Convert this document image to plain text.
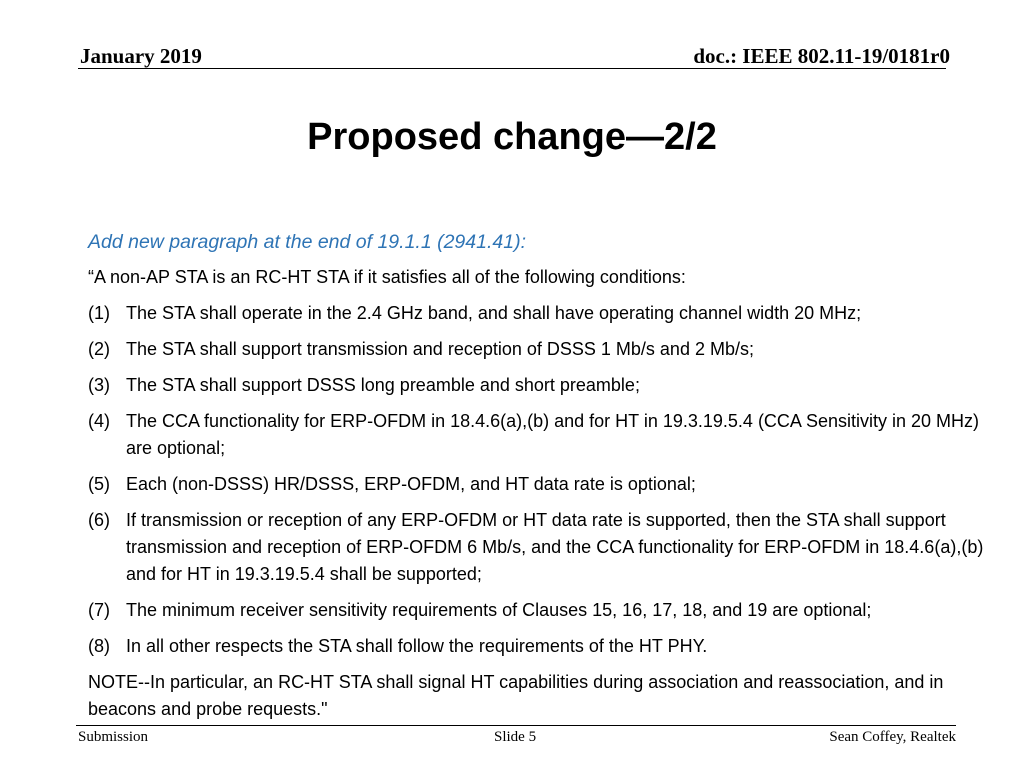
January 2019	doc.: IEEE 802.11-19/0181r0
Proposed change—2/2
Add new paragraph at the end of 19.1.1 (2941.41):
“A non-AP STA is an RC-HT STA if it satisfies all of the following conditions:
(1) The STA shall operate in the 2.4 GHz band, and shall have operating channel width 20 MHz;
(2) The STA shall support transmission and reception of DSSS 1 Mb/s and 2 Mb/s;
(3) The STA shall support DSSS long preamble and short preamble;
(4) The CCA functionality for ERP-OFDM in 18.4.6(a),(b) and for HT in 19.3.19.5.4 (CCA Sensitivity in 20 MHz) are optional;
(5) Each (non-DSSS) HR/DSSS, ERP-OFDM, and HT data rate is optional;
(6) If transmission or reception of any ERP-OFDM or HT data rate is supported, then the STA shall support transmission and reception of ERP-OFDM 6 Mb/s, and the CCA functionality for ERP-OFDM in 18.4.6(a),(b) and for HT in 19.3.19.5.4 shall be supported;
(7) The minimum receiver sensitivity requirements of Clauses 15, 16, 17, 18, and 19 are optional;
(8) In all other respects the STA shall follow the requirements of the HT PHY.
NOTE--In particular, an RC-HT STA shall signal HT capabilities during association and reassociation, and in beacons and probe requests."
Submission	Slide 5	Sean Coffey, Realtek
